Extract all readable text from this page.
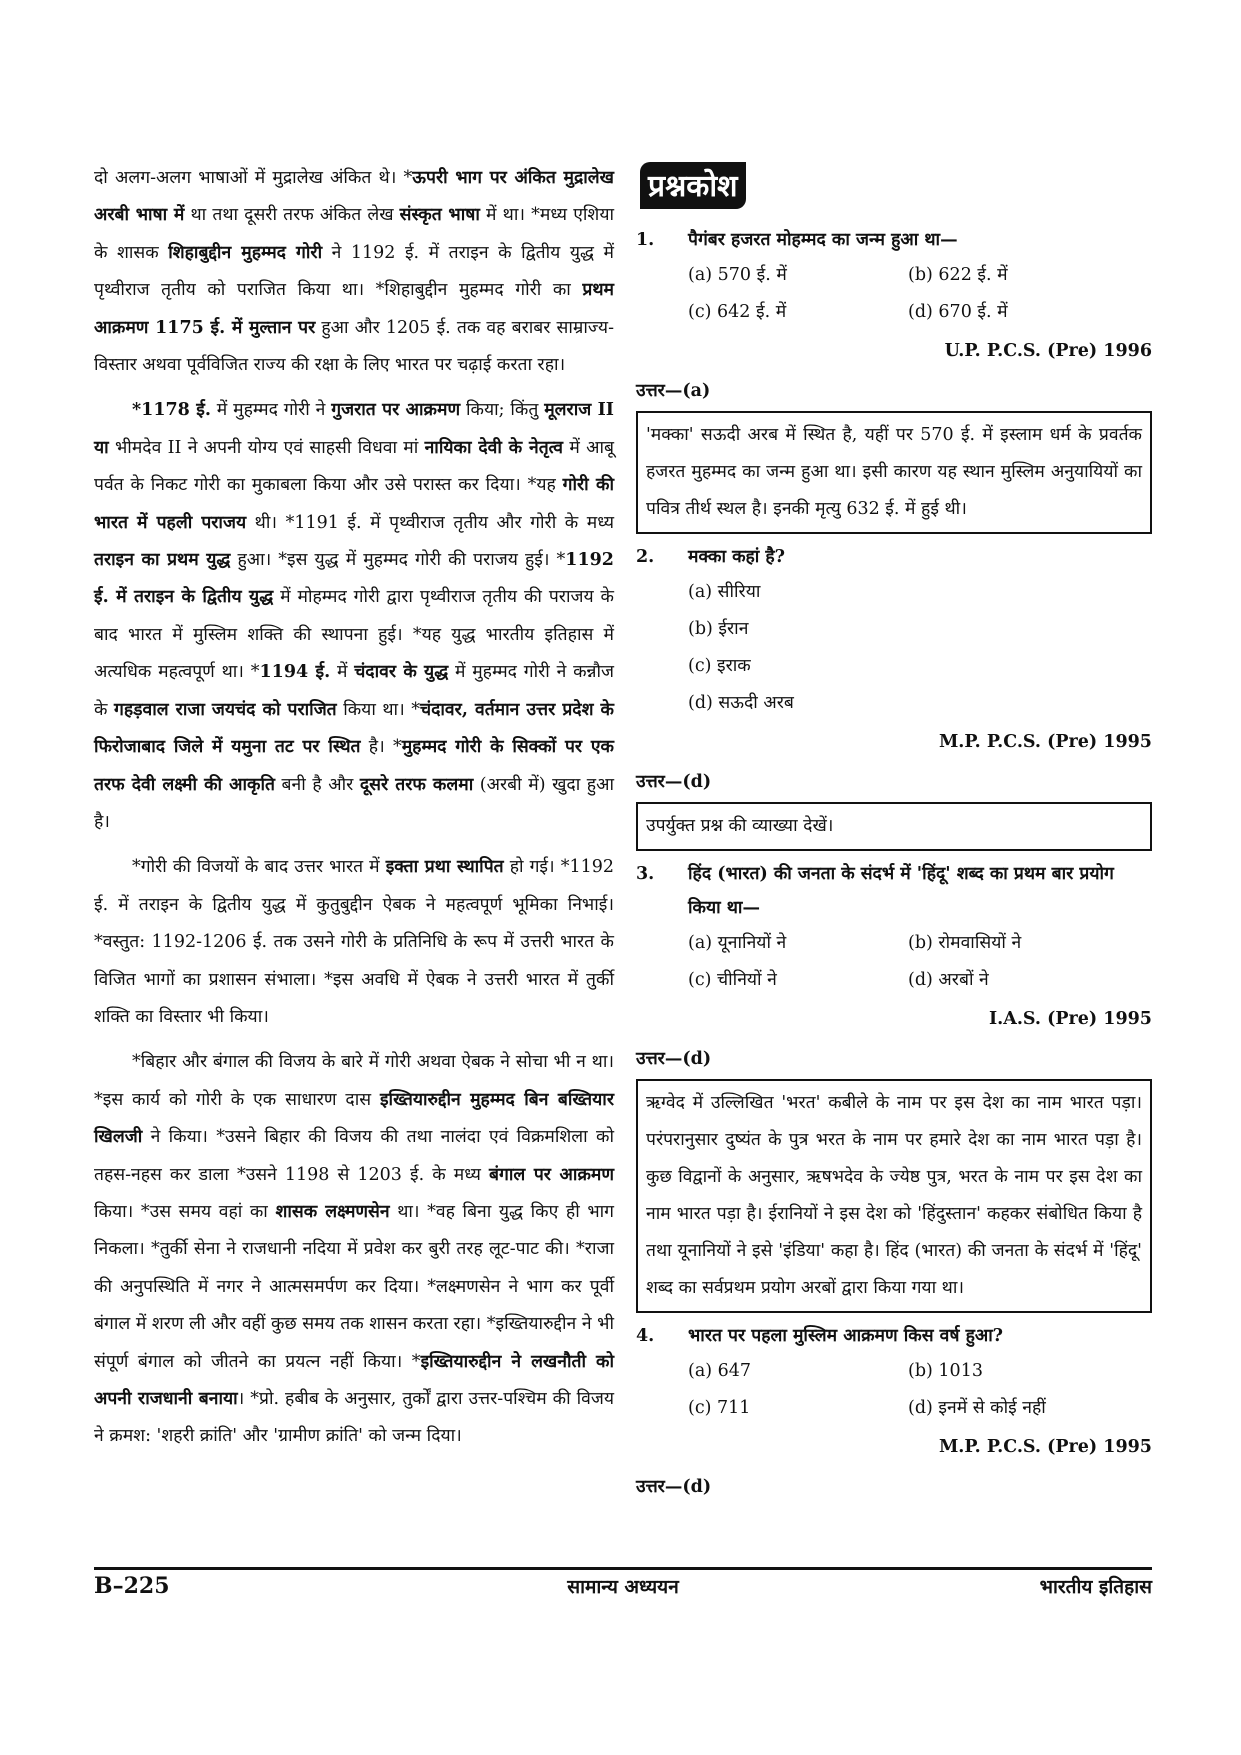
दो अलग-अलग भाषाओं में मुद्रालेख अंकित थे। *ऊपरी भाग पर अंकित मुद्रालेख अरबी भाषा में था तथा दूसरी तरफ अंकित लेख संस्कृत भाषा में था। *मध्य एशिया के शासक शिहाबुद्दीन मुहम्मद गोरी ने 1192 ई. में तराइन के द्वितीय युद्ध में पृथ्वीराज तृतीय को पराजित किया था। *शिहाबुद्दीन मुहम्मद गोरी का प्रथम आक्रमण 1175 ई. में मुल्तान पर हुआ और 1205 ई. तक वह बराबर साम्राज्य-विस्तार अथवा पूर्वविजित राज्य की रक्षा के लिए भारत पर चढ़ाई करता रहा।

*1178 ई. में मुहम्मद गोरी ने गुजरात पर आक्रमण किया; किंतु मूलराज II या भीमदेव II ने अपनी योग्य एवं साहसी विधवा मां नायिका देवी के नेतृत्व में आबू पर्वत के निकट गोरी का मुकाबला किया और उसे परास्त कर दिया। *यह गोरी की भारत में पहली पराजय थी। *1191 ई. में पृथ्वीराज तृतीय और गोरी के मध्य तराइन का प्रथम युद्ध हुआ। *इस युद्ध में मुहम्मद गोरी की पराजय हुई। *1192 ई. में तराइन के द्वितीय युद्ध में मोहम्मद गोरी द्वारा पृथ्वीराज तृतीय की पराजय के बाद भारत में मुस्लिम शक्ति की स्थापना हुई। *यह युद्ध भारतीय इतिहास में अत्यधिक महत्वपूर्ण था। *1194 ई. में चंदावर के युद्ध में मुहम्मद गोरी ने कन्नौज के गहड़वाल राजा जयचंद को पराजित किया था। *चंदावर, वर्तमान उत्तर प्रदेश के फिरोजाबाद जिले में यमुना तट पर स्थित है। *मुहम्मद गोरी के सिक्कों पर एक तरफ देवी लक्ष्मी की आकृति बनी है और दूसरे तरफ कलमा (अरबी में) खुदा हुआ है।

*गोरी की विजयों के बाद उत्तर भारत में इक्ता प्रथा स्थापित हो गई। *1192 ई. में तराइन के द्वितीय युद्ध में कुतुबुद्दीन ऐबक ने महत्वपूर्ण भूमिका निभाई। *वस्तुत: 1192-1206 ई. तक उसने गोरी के प्रतिनिधि के रूप में उत्तरी भारत के विजित भागों का प्रशासन संभाला। *इस अवधि में ऐबक ने उत्तरी भारत में तुर्की शक्ति का विस्तार भी किया।

*बिहार और बंगाल की विजय के बारे में गोरी अथवा ऐबक ने सोचा भी न था। *इस कार्य को गोरी के एक साधारण दास इख्तियारुद्दीन मुहम्मद बिन बख्तियार खिलजी ने किया। *उसने बिहार की विजय की तथा नालंदा एवं विक्रमशिला को तहस-नहस कर डाला *उसने 1198 से 1203 ई. के मध्य बंगाल पर आक्रमण किया। *उस समय वहां का शासक लक्ष्मणसेन था। *वह बिना युद्ध किए ही भाग निकला। *तुर्की सेना ने राजधानी नदिया में प्रवेश कर बुरी तरह लूट-पाट की। *राजा की अनुपस्थिति में नगर ने आत्मसमर्पण कर दिया। *लक्ष्मणसेन ने भाग कर पूर्वी बंगाल में शरण ली और वहीं कुछ समय तक शासन करता रहा। *इख्तियारुद्दीन ने भी संपूर्ण बंगाल को जीतने का प्रयत्न नहीं किया। *इख्तियारुद्दीन ने लखनौती को अपनी राजधानी बनाया। *प्रो. हबीब के अनुसार, तुर्कों द्वारा उत्तर-पश्चिम की विजय ने क्रमश: 'शहरी क्रांति' और 'ग्रामीण क्रांति' को जन्म दिया।

प्रश्नकोश
1.	पैगंबर हजरत मोहम्मद का जन्म हुआ था—
(a) 570 ई. में	(b) 622 ई. में
(c) 642 ई. में	(d) 670 ई. में
U.P. P.C.S. (Pre) 1996
उत्तर—(a)
'मक्का' सऊदी अरब में स्थित है, यहीं पर 570 ई. में इस्लाम धर्म के प्रवर्तक हजरत मुहम्मद का जन्म हुआ था। इसी कारण यह स्थान मुस्लिम अनुयायियों का पवित्र तीर्थ स्थल है। इनकी मृत्यु 632 ई. में हुई थी।
2.	मक्का कहां है?
(a) सीरिया
(b) ईरान
(c) इराक
(d) सऊदी अरब
M.P. P.C.S. (Pre) 1995
उत्तर—(d)
उपर्युक्त प्रश्न की व्याख्या देखें।
3.	हिंद (भारत) की जनता के संदर्भ में 'हिंदू' शब्द का प्रथम बार प्रयोग किया था—
(a) यूनानियों ने	(b) रोमवासियों ने
(c) चीनियों ने	(d) अरबों ने
I.A.S. (Pre) 1995
उत्तर—(d)
ऋग्वेद में उल्लिखित 'भरत' कबीले के नाम पर इस देश का नाम भारत पड़ा। परंपरानुसार दुष्यंत के पुत्र भरत के नाम पर हमारे देश का नाम भारत पड़ा है। कुछ विद्वानों के अनुसार, ऋषभदेव के ज्येष्ठ पुत्र, भरत के नाम पर इस देश का नाम भारत पड़ा है। ईरानियों ने इस देश को 'हिंदुस्तान' कहकर संबोधित किया है तथा यूनानियों ने इसे 'इंडिया' कहा है। हिंद (भारत) की जनता के संदर्भ में 'हिंदू' शब्द का सर्वप्रथम प्रयोग अरबों द्वारा किया गया था।
4.	भारत पर पहला मुस्लिम आक्रमण किस वर्ष हुआ?
(a) 647	(b) 1013
(c) 711	(d) इनमें से कोई नहीं
M.P. P.C.S. (Pre) 1995
उत्तर—(d)
B–225	सामान्य अध्ययन	भारतीय इतिहास
